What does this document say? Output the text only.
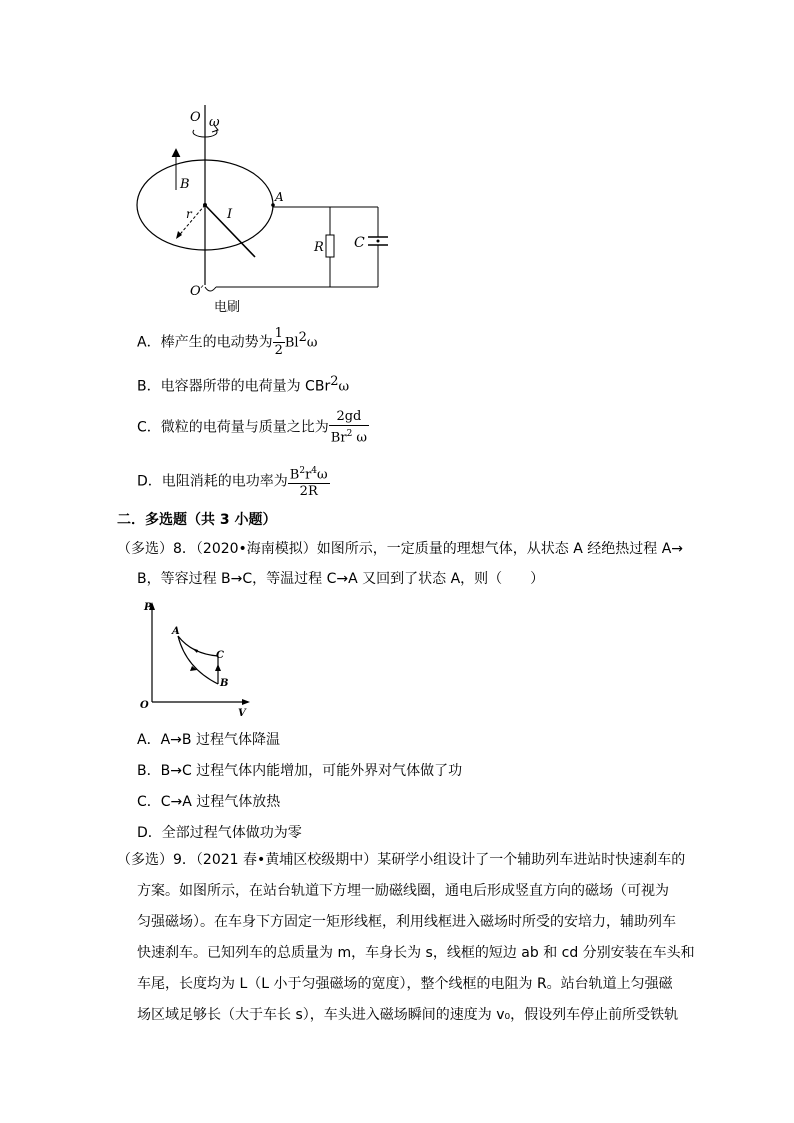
O ω
B
A
r	I
R C
O′
电刷
A．棒产生的电动势为 $\frac{1}{2} Bl2\omega$
B．电容器所带的电荷量为 CBr2ω
C．微粒的电荷量与质量之比为 $\frac{2gd}{Br^2 \omega}$
D．电阻消耗的电功率为 $\frac{B^2r^4\omega}{2R}$
二．多选题（共 3 小题）
（多选）8．（2020•海南模拟）如图所示，一定质量的理想气体，从状态 A 经绝热过程 A→
B，等容过程 B→C，等温过程 C→A 又回到了状态 A，则（　　）
P
V
O
A
B
C
A．A→B 过程气体降温
B．B→C 过程气体内能增加，可能外界对气体做了功
C．C→A 过程气体放热
D．全部过程气体做功为零
（多选）9．（2021 春•黄埔区校级期中）某研学小组设计了一个辅助列车进站时快速刹车的
方案。如图所示，在站台轨道下方埋一励磁线圈，通电后形成竖直方向的磁场（可视为
匀强磁场）。在车身下方固定一矩形线框，利用线框进入磁场时所受的安培力，辅助列车
快速刹车。已知列车的总质量为 m，车身长为 s，线框的短边 ab 和 cd 分别安装在车头和
车尾，长度均为 L（L 小于匀强磁场的宽度），整个线框的电阻为 R。站台轨道上匀强磁
场区域足够长（大于车长 s），车头进入磁场瞬间的速度为 v₀，假设列车停止前所受铁轨
